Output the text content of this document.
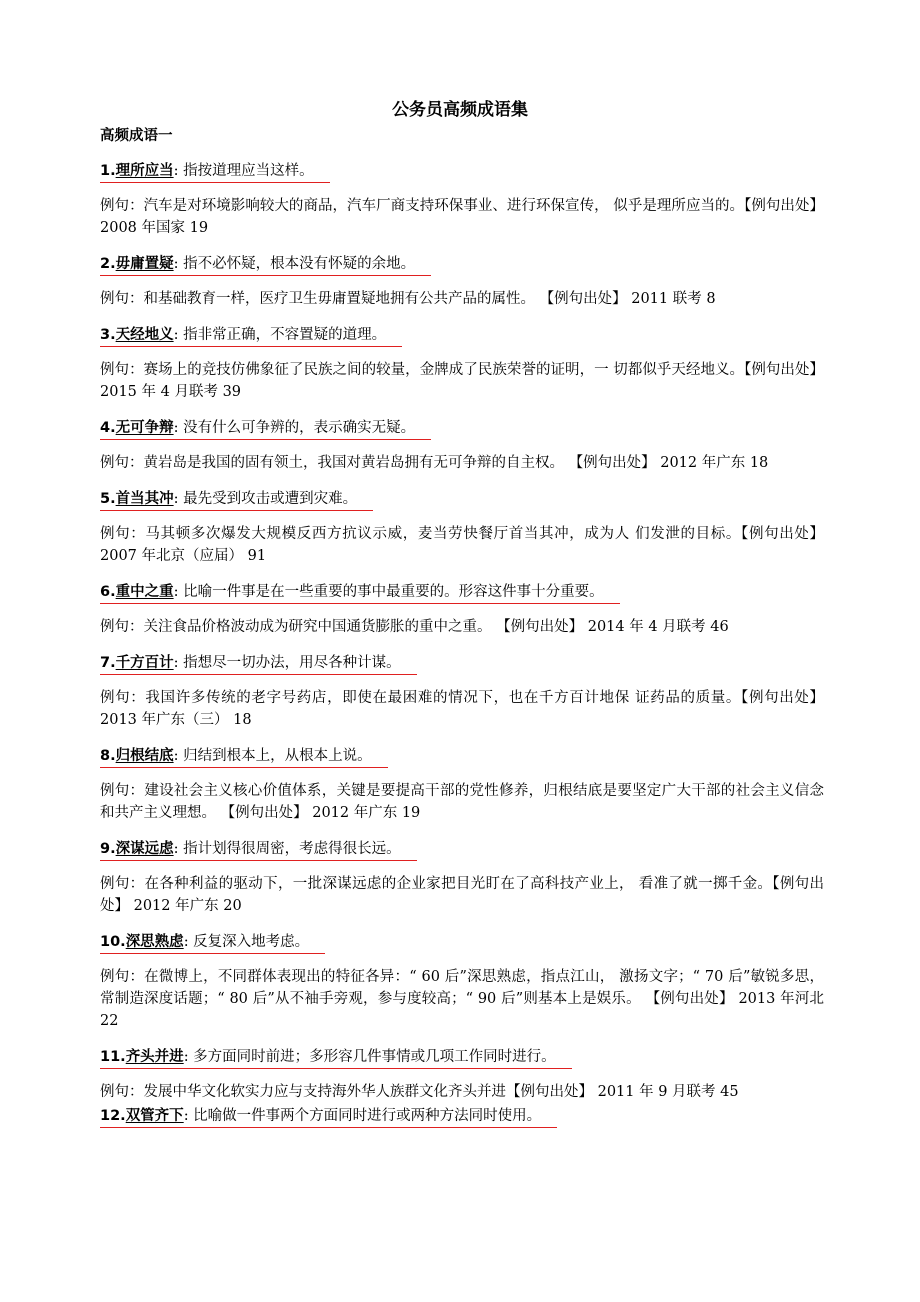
公务员高频成语集
高频成语一
1.理所应当: 指按道理应当这样。

例句：汽车是对环境影响较大的商品，汽车厂商支持环保事业、进行环保宣传， 似乎是理所应当的。【例句出处】2008 年国家 19

2.毋庸置疑: 指不必怀疑，根本没有怀疑的余地。

例句：和基础教育一样，医疗卫生毋庸置疑地拥有公共产品的属性。 【例句出处】 2011 联考 8

3.天经地义: 指非常正确，不容置疑的道理。

例句：赛场上的竞技仿佛象征了民族之间的较量，金牌成了民族荣誉的证明，一 切都似乎天经地义。【例句出处】2015 年 4 月联考 39

4.无可争辩: 没有什么可争辨的，表示确实无疑。

例句：黄岩岛是我国的固有领土，我国对黄岩岛拥有无可争辩的自主权。 【例句出处】 2012 年广东 18

5.首当其冲: 最先受到攻击或遭到灾难。

例句：马其顿多次爆发大规模反西方抗议示威，麦当劳快餐厅首当其冲，成为人 们发泄的目标。【例句出处】 2007 年北京（应届） 91

6.重中之重: 比喻一件事是在一些重要的事中最重要的。形容这件事十分重要。

例句：关注食品价格波动成为研究中国通货膨胀的重中之重。 【例句出处】 2014 年 4 月联考 46

7.千方百计: 指想尽一切办法，用尽各种计谋。

例句：我国许多传统的老字号药店，即使在最困难的情况下，也在千方百计地保 证药品的质量。【例句出处】 2013 年广东（三） 18

8.归根结底: 归结到根本上，从根本上说。

例句：建设社会主义核心价值体系，关键是要提高干部的党性修养，归根结底是要坚定广大干部的社会主义信念和共产主义理想。 【例句出处】 2012 年广东 19

9.深谋远虑: 指计划得很周密，考虑得很长远。

例句：在各种利益的驱动下，一批深谋远虑的企业家把目光盯在了高科技产业上， 看准了就一掷千金。【例句出处】 2012 年广东 20

10.深思熟虑: 反复深入地考虑。

例句：在微博上，不同群体表现出的特征各异：“ 60 后”深思熟虑，指点江山， 激扬文字；“ 70 后”敏锐多思，常制造深度话题；“ 80 后”从不袖手旁观，参与度较高；“ 90 后”则基本上是娱乐。 【例句出处】 2013 年河北 22

11.齐头并进: 多方面同时前进；多形容几件事情或几项工作同时进行。

例句：发展中华文化软实力应与支持海外华人族群文化齐头并进【例句出处】 2011 年 9 月联考 45

12.双管齐下: 比喻做一件事两个方面同时进行或两种方法同时使用。
